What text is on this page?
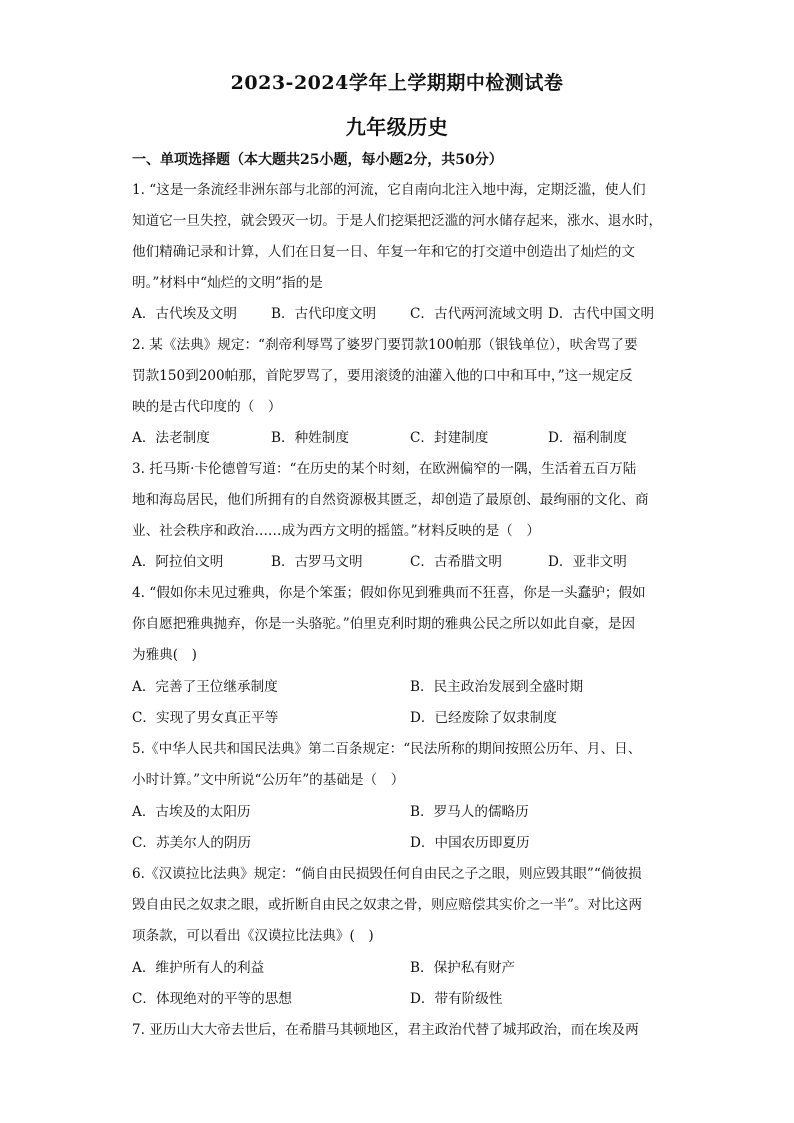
2023-2024学年上学期期中检测试卷
九年级历史
一、单项选择题（本大题共25小题，每小题2分，共50分）
1. “这是一条流经非洲东部与北部的河流，它自南向北注入地中海，定期泛滥，使人们
知道它一旦失控，就会毁灭一切。于是人们挖渠把泛滥的河水储存起来，涨水、退水时，
他们精确记录和计算，人们在日复一日、年复一年和它的打交道中创造出了灿烂的文
明。”材料中“灿烂的文明”指的是
A．古代埃及文明	B．古代印度文明 C．古代两河流域文明 D．古代中国文明
2. 某《法典》规定：“刹帝利辱骂了婆罗门要罚款100帕那（银钱单位），吠舍骂了要
罚款150到200帕那，首陀罗骂了，要用滚烫的油灌入他的口中和耳中，”这一规定反
映的是古代印度的（　）
A．法老制度	B．种姓制度	C．封建制度	D．福利制度
3. 托马斯·卡伦德曾写道：“在历史的某个时刻，在欧洲偏窄的一隅，生活着五百万陆
地和海岛居民，他们所拥有的自然资源极其匮乏，却创造了最原创、最绚丽的文化、商
业、社会秩序和政治……成为西方文明的摇篮。”材料反映的是（　）
A．阿拉伯文明	B．古罗马文明	C．古希腊文明	D．亚非文明
4. “假如你未见过雅典，你是个笨蛋；假如你见到雅典而不狂喜，你是一头蠢驴；假如
你自愿把雅典抛弃，你是一头骆驼。”伯里克利时期的雅典公民之所以如此自豪，是因
为雅典(　)
A．完善了王位继承制度	B．民主政治发展到全盛时期
C．实现了男女真正平等	D．已经废除了奴隶制度
5.《中华人民共和国民法典》第二百条规定：“民法所称的期间按照公历年、月、日、
小时计算。”文中所说“公历年”的基础是（　）
A．古埃及的太阳历	B．罗马人的儒略历
C．苏美尔人的阴历	D．中国农历即夏历
6.《汉谟拉比法典》规定：“倘自由民损毁任何自由民之子之眼，则应毁其眼”“倘彼损
毁自由民之奴隶之眼，或折断自由民之奴隶之骨，则应赔偿其实价之一半”。对比这两
项条款，可以看出《汉谟拉比法典》(　)
A．维护所有人的利益	B．保护私有财产
C．体现绝对的平等的思想	D．带有阶级性
7. 亚历山大大帝去世后，在希腊马其顿地区，君主政治代替了城邦政治，而在埃及两
